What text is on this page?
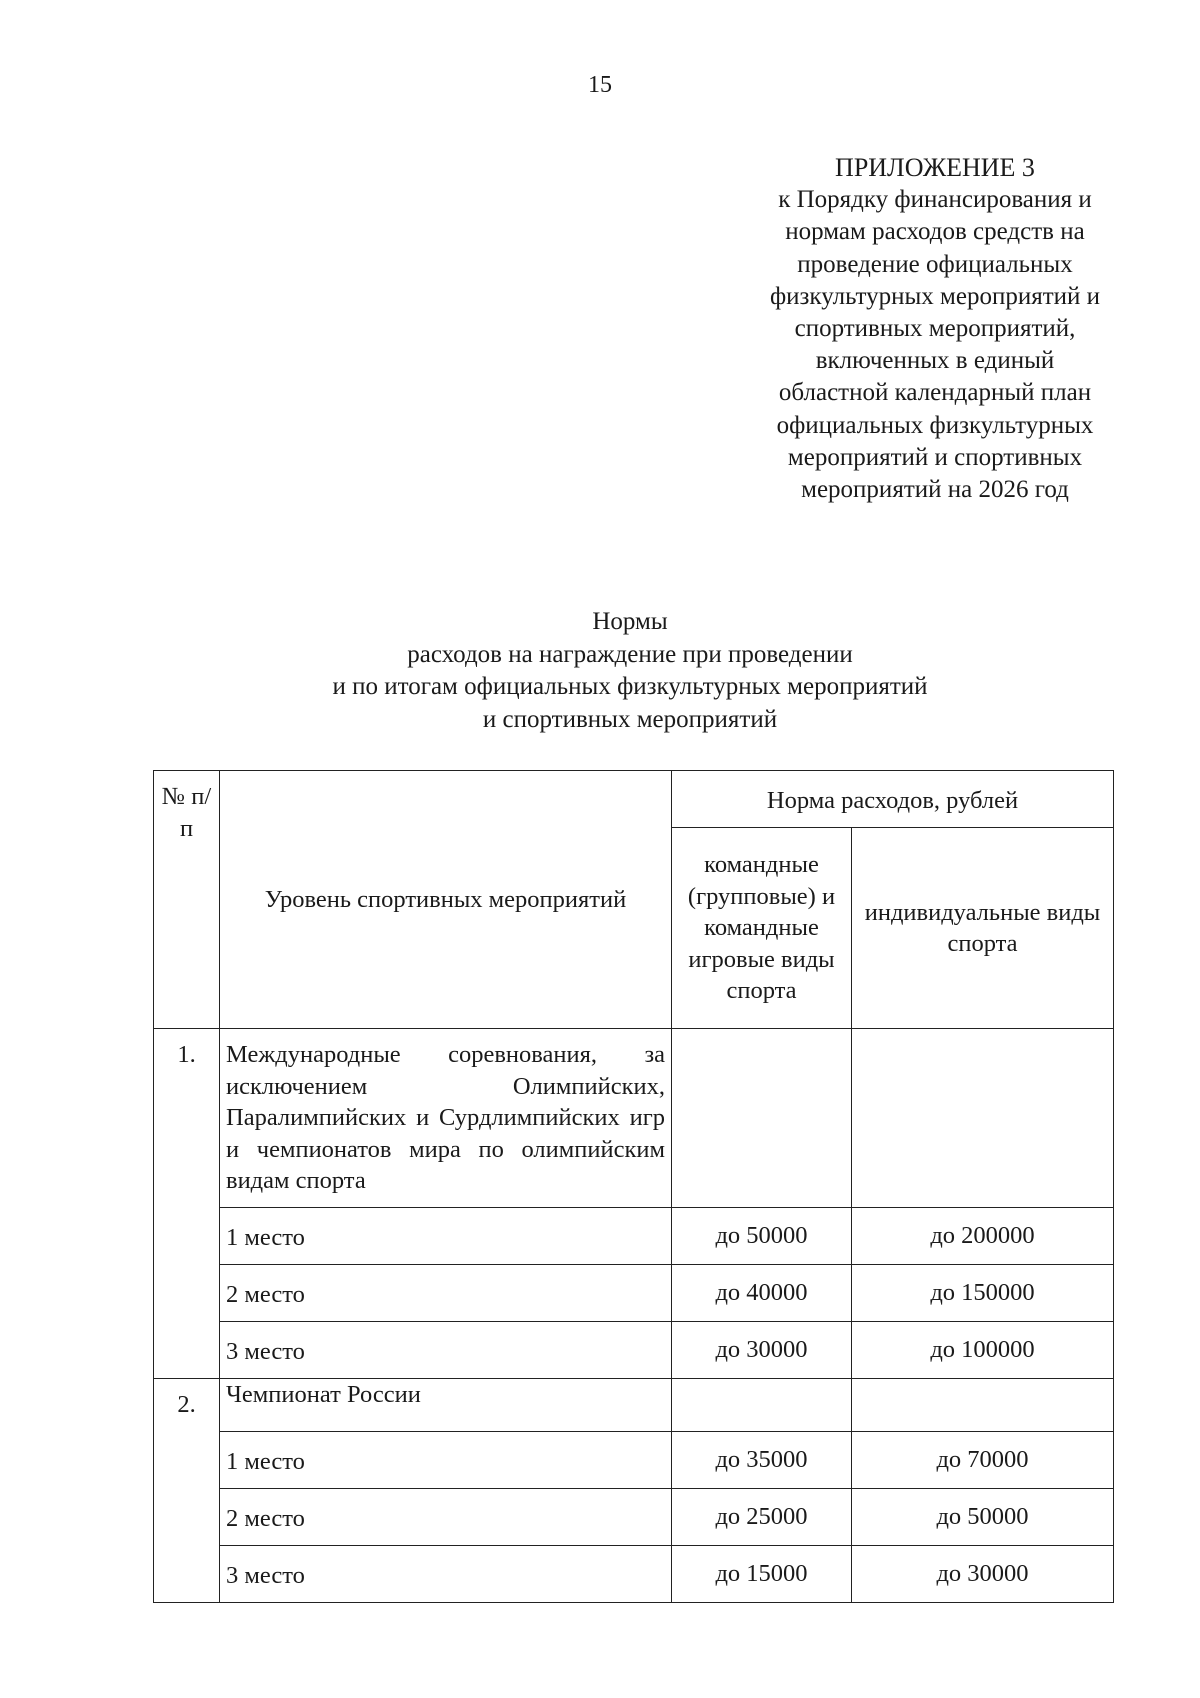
15
ПРИЛОЖЕНИЕ 3
к Порядку финансирования и
нормам расходов средств на
проведение официальных
физкультурных мероприятий и
спортивных мероприятий,
включенных в единый
областной календарный план
официальных физкультурных
мероприятий и спортивных
мероприятий на 2026 год
Нормы
расходов на награждение при проведении
и по итогам официальных физкультурных мероприятий
и спортивных мероприятий
№ п/п	Уровень спортивных мероприятий	Норма расходов, рублей	
		командные (групповые) и командные игровые виды спорта	индивидуальные виды спорта
1.	Международные соревнования, за исключением Олимпийских, Паралимпийских и Сурдлимпийских игр и чемпионатов мира по олимпийским видам спорта		
	1 место	до 50000	до 200000
	2 место	до 40000	до 150000
	3 место	до 30000	до 100000
2.	Чемпионат России		
	1 место	до 35000	до 70000
	2 место	до 25000	до 50000
	3 место	до 15000	до 30000
